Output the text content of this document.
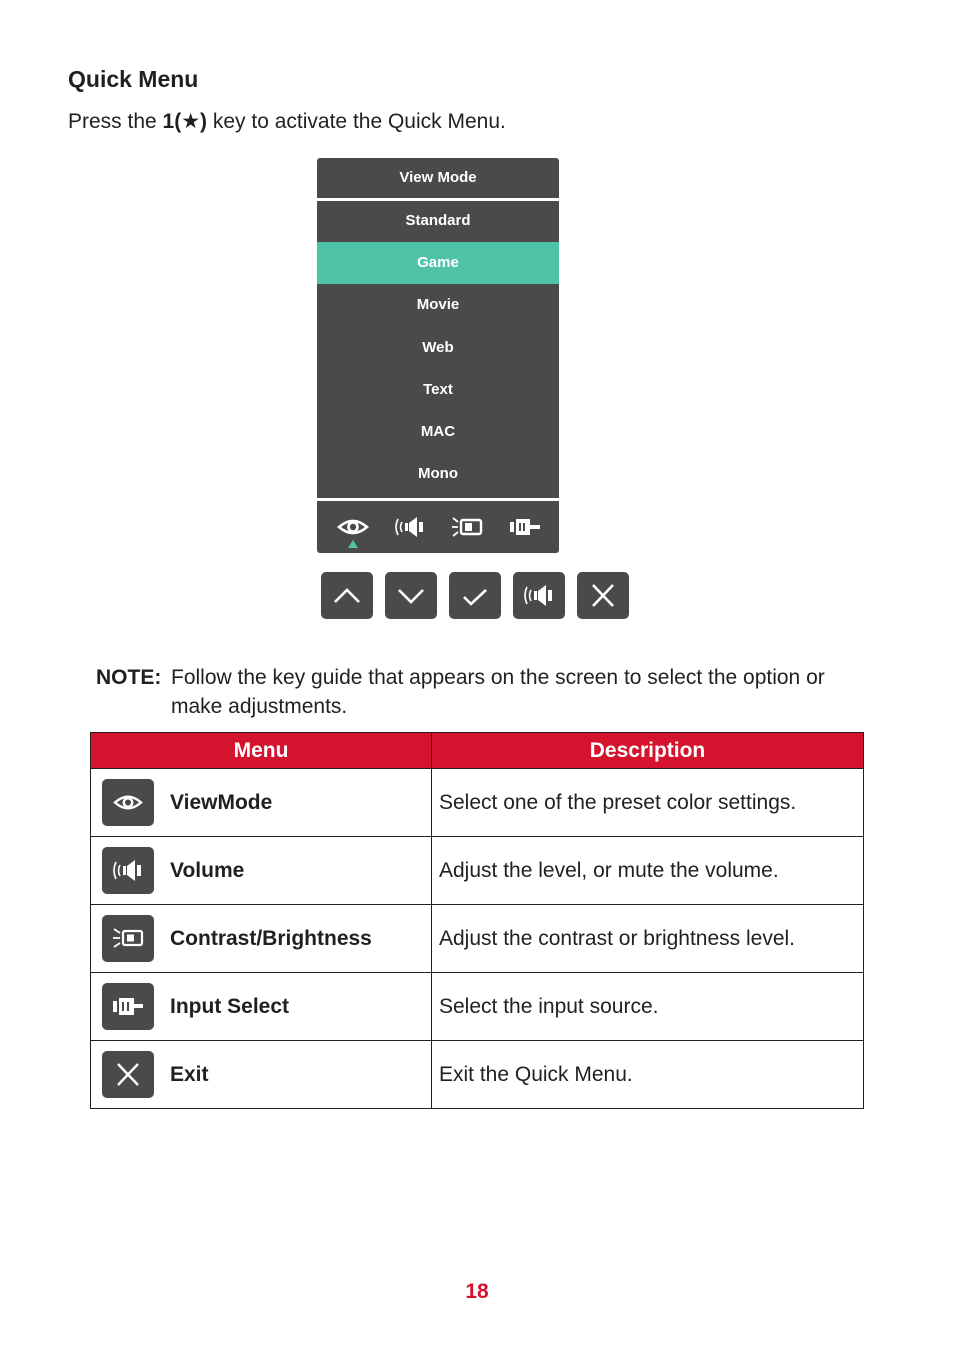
Quick Menu
Press the 1(★) key to activate the Quick Menu.
View Mode
Standard
Game
Movie
Web
Text
MAC
Mono
NOTE: Follow the key guide that appears on the screen to select the option or make adjustments.
Menu	Description

ViewMode	Select one of the preset color settings.

Volume	Adjust the level, or mute the volume.

Contrast/Brightness	Adjust the contrast or brightness level.

Input Select	Select the input source.

Exit	Exit the Quick Menu.
18
